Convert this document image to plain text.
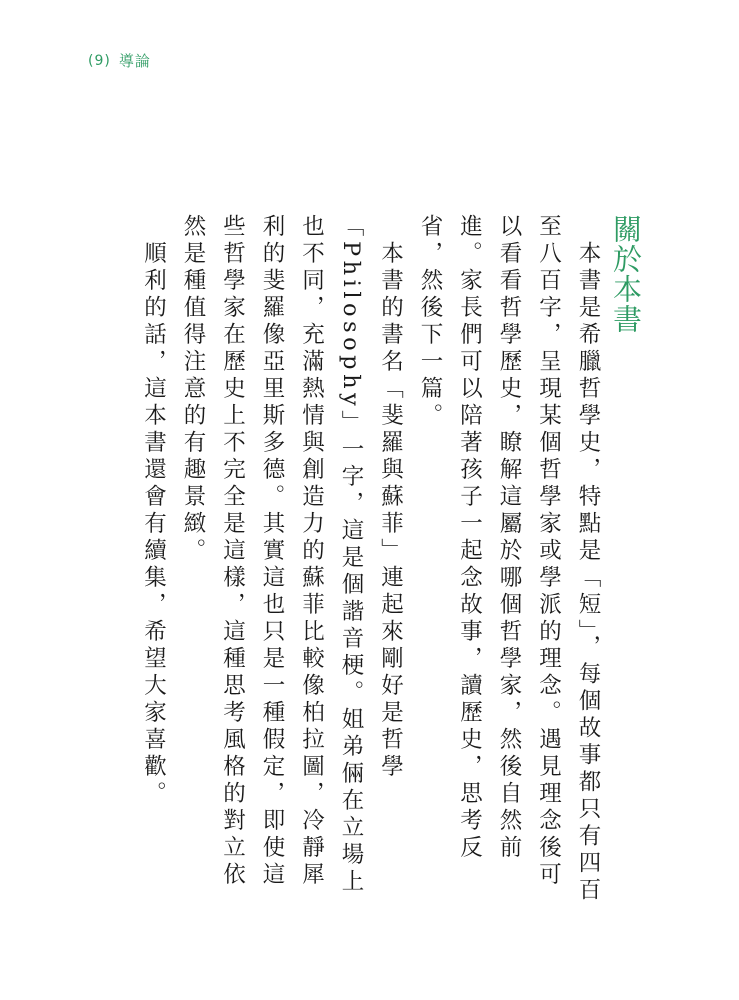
(9) 導論
關於本書

本書是希臘哲學史，特點是「短」，每個故事都只有四百至八百字，呈現某個哲學家或學派的理念。遇見理念後可以看看哲學歷史，瞭解這屬於哪個哲學家，然後自然前進。家長們可以陪著孩子一起念故事，讀歷史，思考反省，然後下一篇。

本書的書名「斐羅與蘇菲」連起來剛好是哲學「Philosophy」一字，這是個諧音梗。姐弟倆在立場上也不同，充滿熱情與創造力的蘇菲比較像柏拉圖，冷靜犀利的斐羅像亞里斯多德。其實這也只是一種假定，即使這些哲學家在歷史上不完全是這樣，這種思考風格的對立依然是種值得注意的有趣景緻。

順利的話，這本書還會有續集，希望大家喜歡。
